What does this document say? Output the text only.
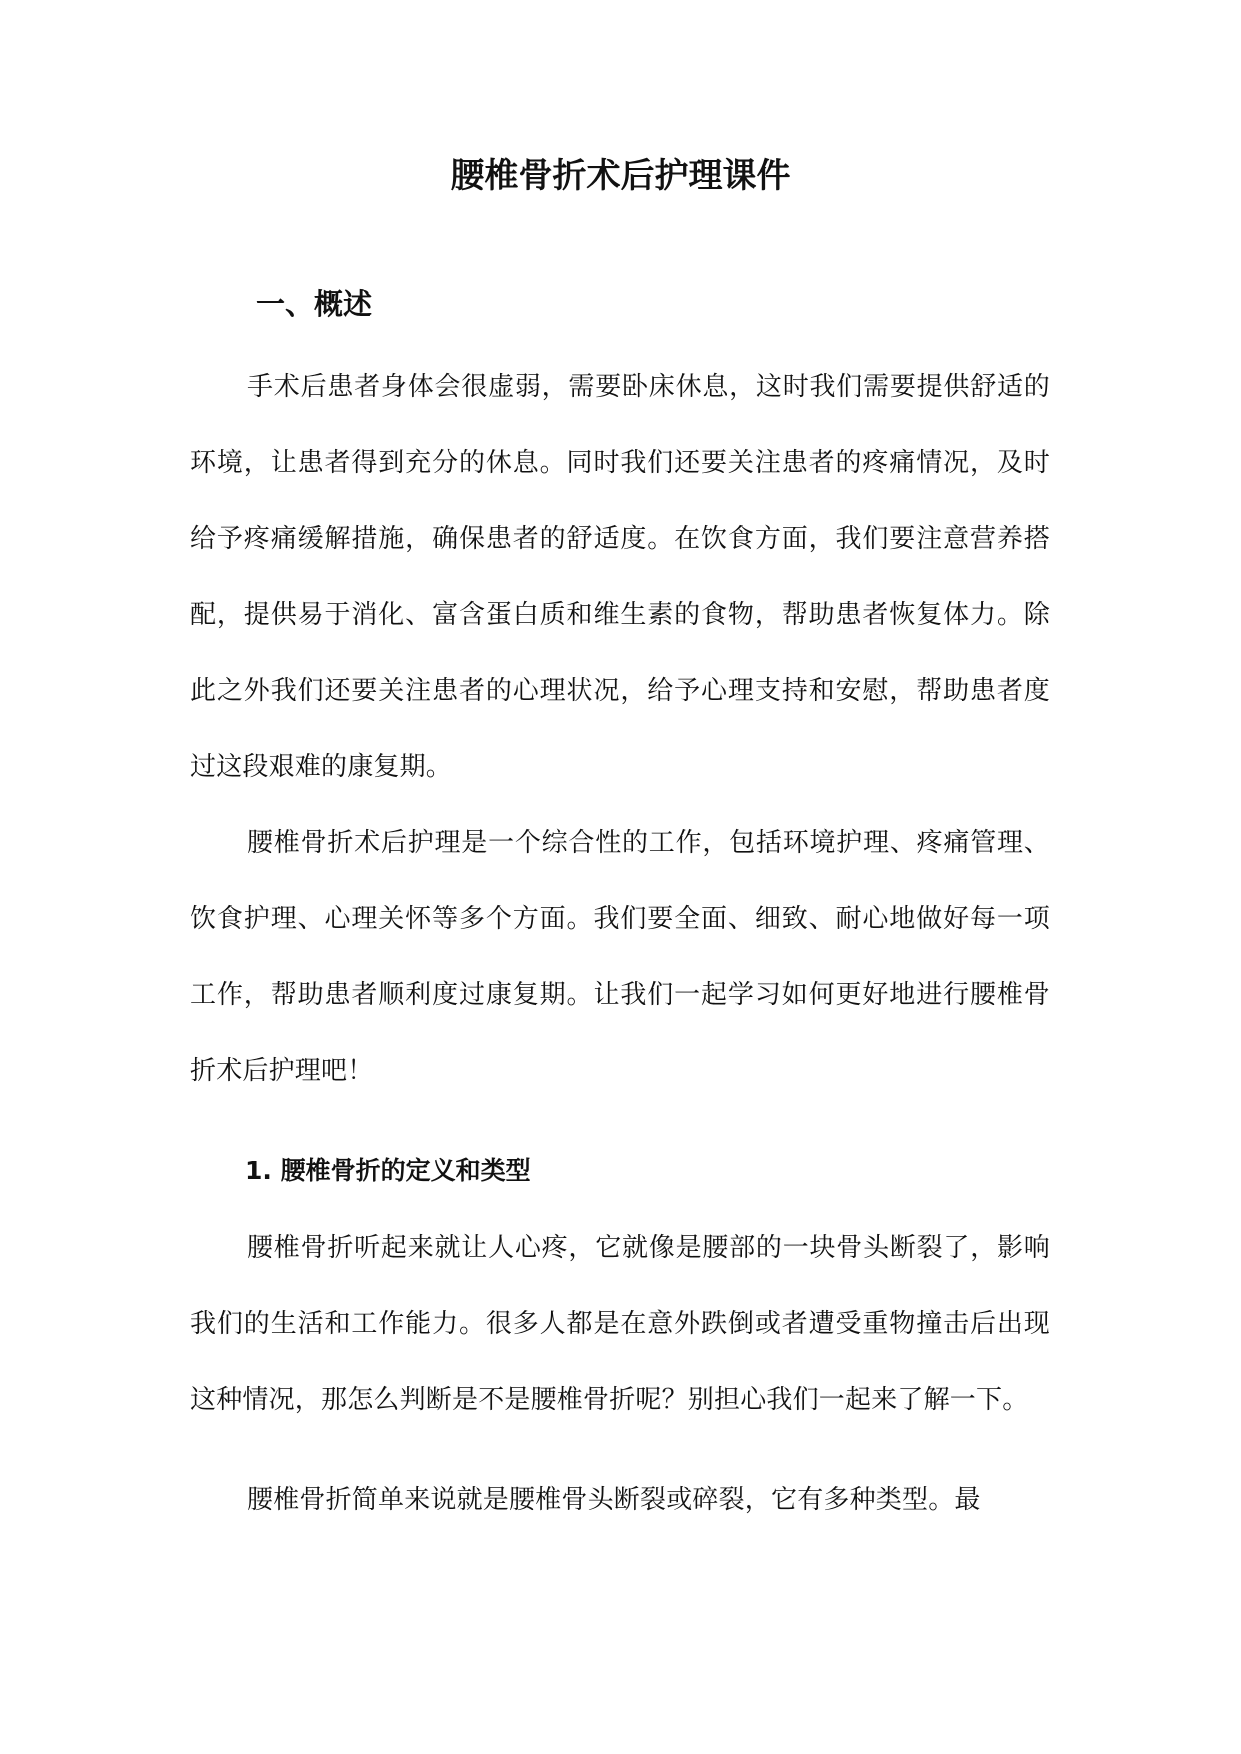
腰椎骨折术后护理课件
一、概述

手术后患者身体会很虚弱，需要卧床休息，这时我们需要提供舒适的环境，让患者得到充分的休息。同时我们还要关注患者的疼痛情况，及时给予疼痛缓解措施，确保患者的舒适度。在饮食方面，我们要注意营养搭配，提供易于消化、富含蛋白质和维生素的食物，帮助患者恢复体力。除此之外我们还要关注患者的心理状况，给予心理支持和安慰，帮助患者度过这段艰难的康复期。

腰椎骨折术后护理是一个综合性的工作，包括环境护理、疼痛管理、饮食护理、心理关怀等多个方面。我们要全面、细致、耐心地做好每一项工作，帮助患者顺利度过康复期。让我们一起学习如何更好地进行腰椎骨折术后护理吧！

1. 腰椎骨折的定义和类型

腰椎骨折听起来就让人心疼，它就像是腰部的一块骨头断裂了，影响我们的生活和工作能力。很多人都是在意外跌倒或者遭受重物撞击后出现这种情况，那怎么判断是不是腰椎骨折呢？别担心我们一起来了解一下。

腰椎骨折简单来说就是腰椎骨头断裂或碎裂，它有多种类型。最
